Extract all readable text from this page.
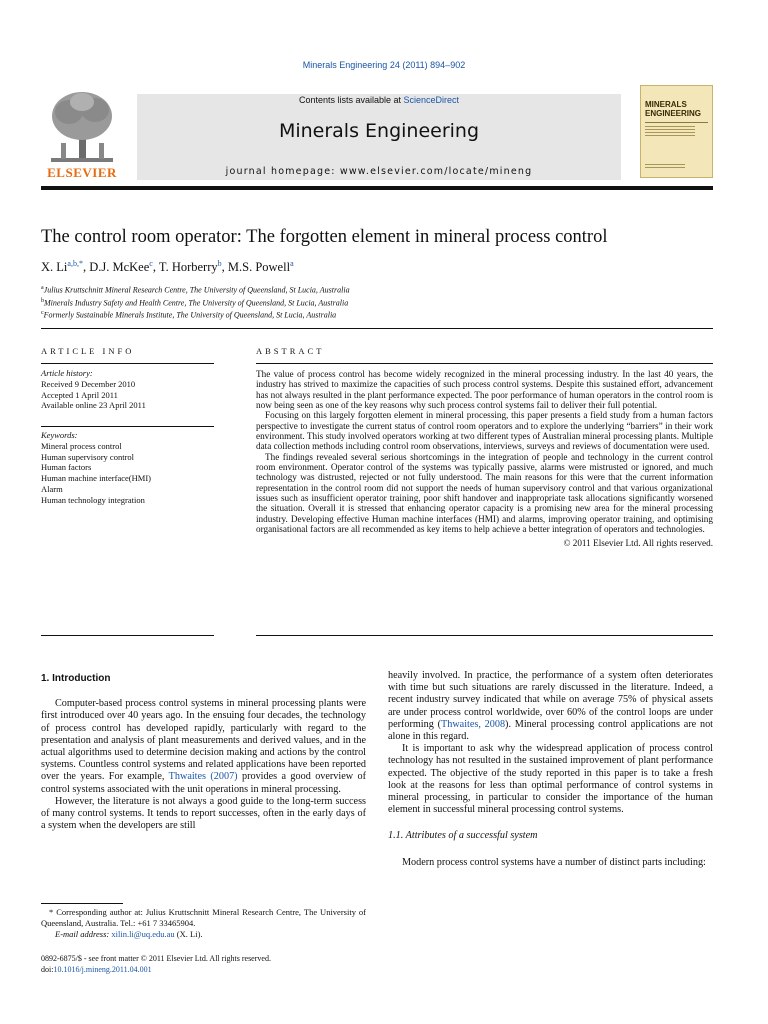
Minerals Engineering 24 (2011) 894–902
ELSEVIER
Contents lists available at ScienceDirect
Minerals Engineering
journal homepage: www.elsevier.com/locate/mineng
MINERALS ENGINEERING
The control room operator: The forgotten element in mineral process control
X. $Li^{a,b,*}$, D.J. McKee$^c$, T. Horberry$^b$, M.S. Powell$^a$
$^a$Julius Kruttschnitt Mineral Research Centre, The University of Queensland, St Lucia, Australia
$^b$Minerals Industry Safety and Health Centre, The University of Queensland, St Lucia, Australia
$^c$Formerly Sustainable Minerals Institute, The University of Queensland, St Lucia, Australia
ARTICLE INFO
Article history:
Received 9 December 2010
Accepted 1 April 2011
Available online 23 April 2011
Keywords:
Mineral process control
Human supervisory control
Human factors
Human machine interface(HMI)
Alarm
Human technology integration
ABSTRACT

The value of process control has become widely recognized in the mineral processing industry. In the last 40 years, the industry has strived to maximize the capacities of such process control systems. Despite this sustained effort, advancement has not always resulted in the plant performance expected. The poor performance of human operators in the control room is now being seen as one of the key reasons why such process control systems fail to deliver their full potential.

Focusing on this largely forgotten element in mineral processing, this paper presents a field study from a human factors perspective to investigate the current status of control room operators and to explore the underlying “barriers” in their work environment. This study involved operators working at two different types of Australian mineral processing plants. Multiple data collection methods including control room observations, interviews, surveys and reviews of documentation were used.

The findings revealed several serious shortcomings in the integration of people and technology in the current control room environment. Operator control of the systems was typically passive, alarms were mistrusted or ignored, and much technology was distrusted, rejected or not fully understood. The main reasons for this were that the current information representation in the control room did not support the needs of human supervisory control and that various organizational issues such as insufficient operator training, poor shift handover and inappropriate task allocations significantly worsened the situation. Overall it is stressed that enhancing operator capacity is a promising new area for the mineral processing industry. Developing effective Human machine interfaces (HMI) and alarms, improving operator training, and optimising organisational factors are all recommended as key items to help achieve a better integration of operators and technologies.

© 2011 Elsevier Ltd. All rights reserved.

1. Introduction

Computer-based process control systems in mineral processing plants were first introduced over 40 years ago. In the ensuing four decades, the technology of process control has developed rapidly, particularly with regard to the presentation and analysis of plant measurements and derived values, and in the actual algorithms used to determine decision making and actions by the control systems. Countless control systems and related applications have been reported over the years. For example, Thwaites (2007) provides a good overview of control systems associated with the unit operations in mineral processing.

However, the literature is not always a good guide to the long-term success of many control systems. It tends to report successes, often in the early days of a system when the developers are still

heavily involved. In practice, the performance of a system often deteriorates with time but such situations are rarely discussed in the literature. Indeed, a recent industry survey indicated that while on average 75% of physical assets are under process control worldwide, over 60% of the control loops are under performing (Thwaites, 2008). Mineral processing control applications are not alone in this regard.

It is important to ask why the widespread application of process control technology has not resulted in the sustained improvement of plant performance expected. The objective of the study reported in this paper is to take a fresh look at the reasons for less than optimal performance of control systems in mineral processing, in particular to consider the importance of the human element in successful mineral processing control systems.

1.1. Attributes of a successful system

Modern process control systems have a number of distinct parts including:

* Corresponding author at: Julius Kruttschnitt Mineral Research Centre, The University of Queensland, Australia. Tel.: +61 7 33465904.
E-mail address: xilin.li@uq.edu.au (X. Li).
0892-6875/$ - see front matter © 2011 Elsevier Ltd. All rights reserved.
doi:10.1016/j.mineng.2011.04.001
